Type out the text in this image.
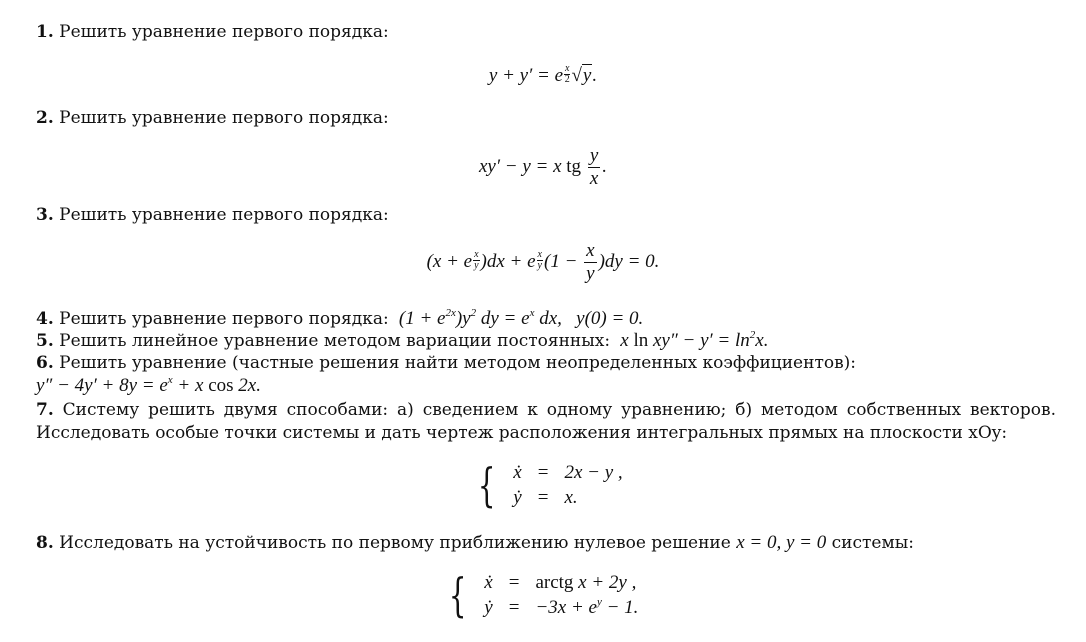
1. Решить уравнение первого порядка:
y + y′ = e $\frac{x}{2} √y$.
2. Решить уравнение первого порядка:
xy′ − y = x tg $\frac{y}{x}$ .
3. Решить уравнение первого порядка:
(x + e $\frac{x}{y} )dx + e \frac{x}{y} (1 - \frac{x}{y} )dy = 0$.
4. Решить уравнение первого порядка:  $(1 + e^{2x})y^2$ dy = $e^x$ dx,   y(0) = 0.
5. Решить линейное уравнение методом вариации постоянных:  x $\ln xy'' - y' = \ln^2x$.
6. Решить уравнение (частные решения найти методом неопределенных коэффициентов):
$y'' - 4y' + 8y = e^x + x$ cos 2x.
7. Систему решить двумя способами: а) сведением к одному уравнению; б) методом собственных векторов.
Исследовать особые точки системы и дать чертеж расположения интегральных прямых на плоскости xOy:
{ ẋ	=	2x − y ,
ẏ	=	x.
8. Исследовать на устойчивость по первому приближению нулевое решение x = 0, y = 0 системы:
{ ẋ	=	arctg x + 2y ,
ẏ	=	$-3x + e^y - 1$.
